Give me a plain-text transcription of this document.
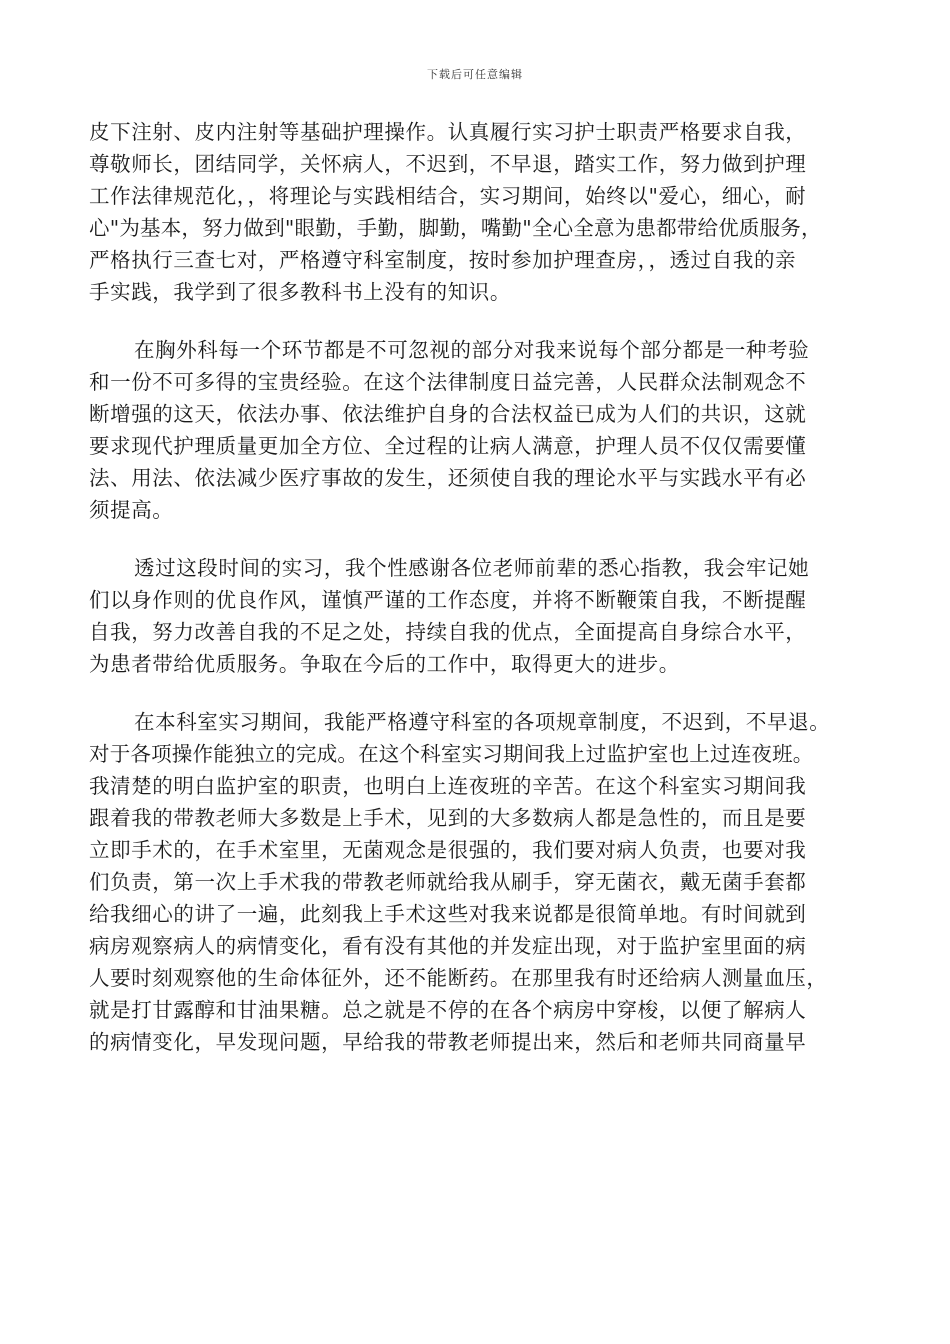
下载后可任意编辑
皮下注射、皮内注射等基础护理操作。认真履行实习护士职责严格要求自我，
尊敬师长，团结同学，关怀病人，不迟到，不早退，踏实工作，努力做到护理
工作法律规范化，，将理论与实践相结合，实习期间，始终以"爱心，细心，耐
心"为基本，努力做到"眼勤，手勤，脚勤，嘴勤"全心全意为患都带给优质服务，
严格执行三查七对，严格遵守科室制度，按时参加护理查房，，透过自我的亲
手实践，我学到了很多教科书上没有的知识。
在胸外科每一个环节都是不可忽视的部分对我来说每个部分都是一种考验
和一份不可多得的宝贵经验。在这个法律制度日益完善，人民群众法制观念不
断增强的这天，依法办事、依法维护自身的合法权益已成为人们的共识，这就
要求现代护理质量更加全方位、全过程的让病人满意，护理人员不仅仅需要懂
法、用法、依法减少医疗事故的发生，还须使自我的理论水平与实践水平有必
须提高。
透过这段时间的实习，我个性感谢各位老师前辈的悉心指教，我会牢记她
们以身作则的优良作风，谨慎严谨的工作态度，并将不断鞭策自我，不断提醒
自我，努力改善自我的不足之处，持续自我的优点，全面提高自身综合水平，
为患者带给优质服务。争取在今后的工作中，取得更大的进步。
在本科室实习期间，我能严格遵守科室的各项规章制度，不迟到，不早退。
对于各项操作能独立的完成。在这个科室实习期间我上过监护室也上过连夜班。
我清楚的明白监护室的职责，也明白上连夜班的辛苦。在这个科室实习期间我
跟着我的带教老师大多数是上手术，见到的大多数病人都是急性的，而且是要
立即手术的，在手术室里，无菌观念是很强的，我们要对病人负责，也要对我
们负责，第一次上手术我的带教老师就给我从刷手，穿无菌衣，戴无菌手套都
给我细心的讲了一遍，此刻我上手术这些对我来说都是很简单地。有时间就到
病房观察病人的病情变化，看有没有其他的并发症出现，对于监护室里面的病
人要时刻观察他的生命体征外，还不能断药。在那里我有时还给病人测量血压，
就是打甘露醇和甘油果糖。总之就是不停的在各个病房中穿梭，以便了解病人
的病情变化，早发现问题，早给我的带教老师提出来，然后和老师共同商量早
